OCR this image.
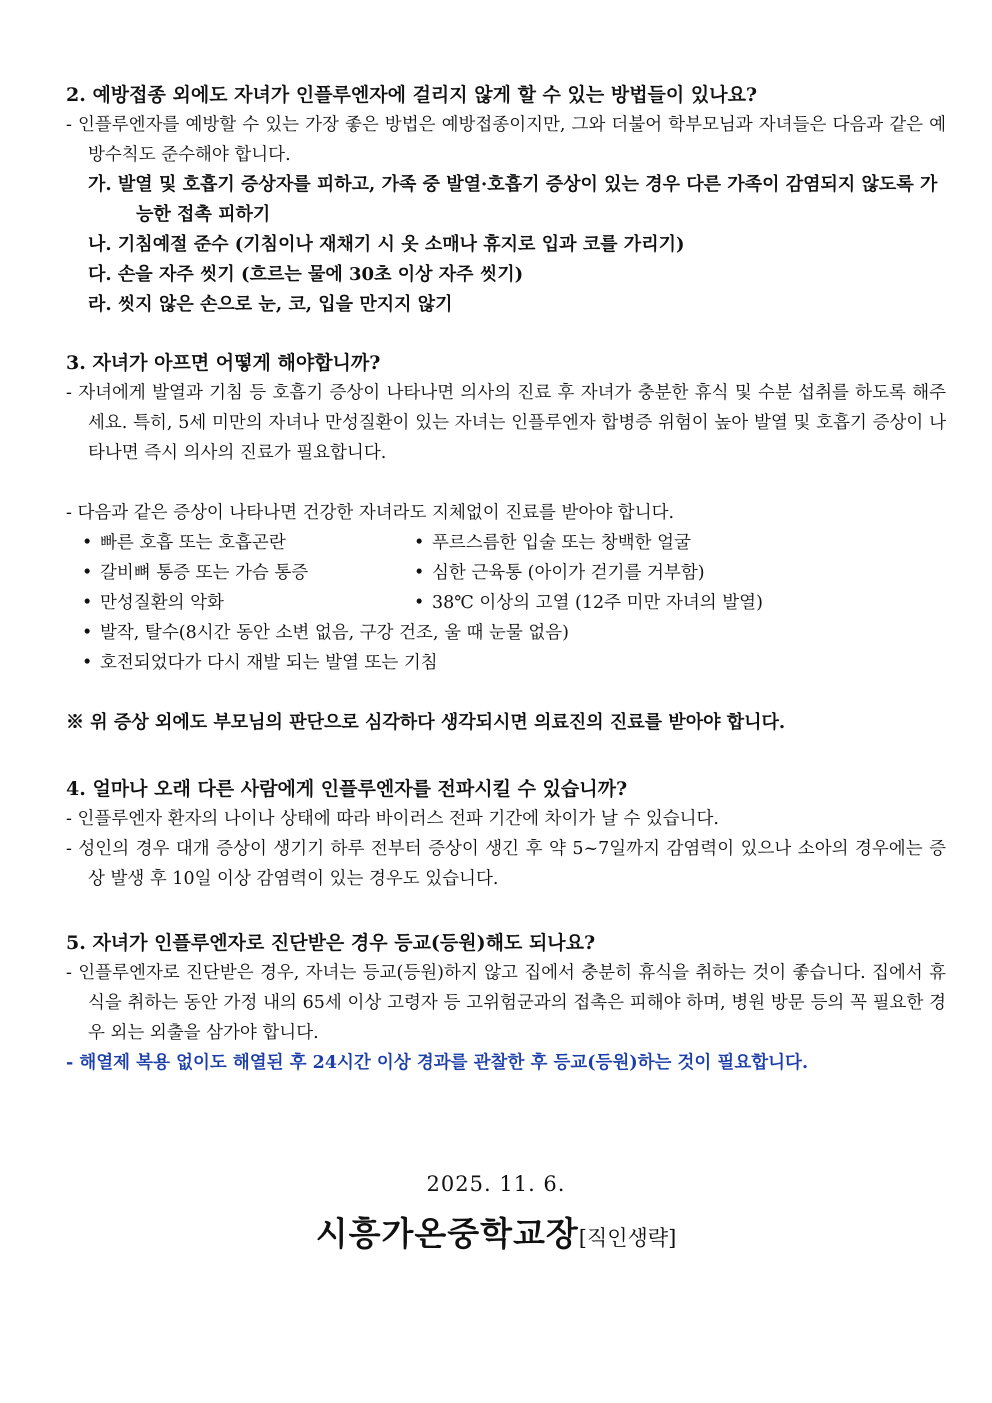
2. 예방접종 외에도 자녀가 인플루엔자에 걸리지 않게 할 수 있는 방법들이 있나요?

- 인플루엔자를 예방할 수 있는 가장 좋은 방법은 예방접종이지만, 그와 더불어 학부모님과 자녀들은 다음과 같은 예방수칙도 준수해야 합니다.

가. 발열 및 호흡기 증상자를 피하고, 가족 중 발열·호흡기 증상이 있는 경우 다른 가족이 감염되지 않도록 가능한 접촉 피하기

나. 기침예절 준수 (기침이나 재채기 시 옷 소매나 휴지로 입과 코를 가리기)

다. 손을 자주 씻기 (흐르는 물에 30초 이상 자주 씻기)

라. 씻지 않은 손으로 눈, 코, 입을 만지지 않기

3. 자녀가 아프면 어떻게 해야합니까?

- 자녀에게 발열과 기침 등 호흡기 증상이 나타나면 의사의 진료 후 자녀가 충분한 휴식 및 수분 섭취를 하도록 해주세요. 특히, 5세 미만의 자녀나 만성질환이 있는 자녀는 인플루엔자 합병증 위험이 높아 발열 및 호흡기 증상이 나타나면 즉시 의사의 진료가 필요합니다.

- 다음과 같은 증상이 나타나면 건강한 자녀라도 지체없이 진료를 받아야 합니다.

• 빠른 호흡 또는 호흡곤란	• 푸르스름한 입술 또는 창백한 얼굴
• 갈비뼈 통증 또는 가슴 통증	• 심한 근육통 (아이가 걷기를 거부함)
• 만성질환의 악화	• 38℃ 이상의 고열 (12주 미만 자녀의 발열)
• 발작, 탈수(8시간 동안 소변 없음, 구강 건조, 울 때 눈물 없음)
• 호전되었다가 다시 재발 되는 발열 또는 기침

※ 위 증상 외에도 부모님의 판단으로 심각하다 생각되시면 의료진의 진료를 받아야 합니다.

4. 얼마나 오래 다른 사람에게 인플루엔자를 전파시킬 수 있습니까?

- 인플루엔자 환자의 나이나 상태에 따라 바이러스 전파 기간에 차이가 날 수 있습니다.

- 성인의 경우 대개 증상이 생기기 하루 전부터 증상이 생긴 후 약 5~7일까지 감염력이 있으나 소아의 경우에는 증상 발생 후 10일 이상 감염력이 있는 경우도 있습니다.

5. 자녀가 인플루엔자로 진단받은 경우 등교(등원)해도 되나요?

- 인플루엔자로 진단받은 경우, 자녀는 등교(등원)하지 않고 집에서 충분히 휴식을 취하는 것이 좋습니다. 집에서 휴식을 취하는 동안 가정 내의 65세 이상 고령자 등 고위험군과의 접촉은 피해야 하며, 병원 방문 등의 꼭 필요한 경우 외는 외출을 삼가야 합니다.

- 해열제 복용 없이도 해열된 후 24시간 이상 경과를 관찰한 후 등교(등원)하는 것이 필요합니다.

2025. 11. 6.
시흥가온중학교장[직인생략]
